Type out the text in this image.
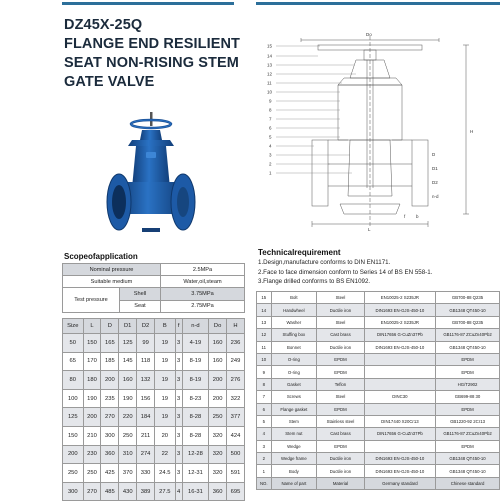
DZ45X-25Q
FLANGE END RESILIENT
SEAT NON-RISING STEM
GATE VALVE
15
14
13
12
11
10
9
8
7
6
5
4
3
2
1
Do
H
L
D
D1
D2
b
f
n-d
Scopeofapplication
Nominal pressure		2.5MPa
Suitable medium		Water,oil,steam
Test pressure	Shell	3.75MPa
	Seat	2.75MPa
Size	L	D	D1	D2	B	f	n-d	Do	H
50	150	165	125	99	19	3	4-19	160	236
65	170	185	145	118	19	3	8-19	160	249
80	180	200	160	132	19	3	8-19	200	276
100	190	235	190	156	19	3	8-23	200	322
125	200	270	220	184	19	3	8-28	250	377
150	210	300	250	211	20	3	8-28	320	424
200	230	360	310	274	22	3	12-28	320	500
250	250	425	370	330	24.5	3	12-31	320	591
300	270	485	430	389	27.5	4	16-31	360	695
Technicalrequirement
1.Design,manufacture conforms to DIN EN1171.
2.Face to face dimension conform to Series 14 of BS EN 558-1.
3.Flange drilled conforms to BS EN1092.
15	Bolt	Steel	EN10025-2 S235JR	GB700-88 Q235
14	Handwheel	Ductile iron	DIN1693 EN-GJS-450-10	GB1348 QT450-10
13	Washer	Steel	EN10025-2 S235JR	GB700-88 Q235
12	Stuffing box	Cast brass	DIN17656 G-CuZn37Pb	GB1176-87 ZCuZn40Pb2
11	Bonnet	Ductile iron	DIN1693 EN-GJS-450-10	GB1348 QT450-10
10	O-ring	EPDM		EPDM
9	O-ring	EPDM		EPDM
8	Gasket	Teflon		HG/T2902
7	Screws	Steel	DINC30	GB699-88 30
6	Flange gasket	EPDM		EPDM
5	Stem	Stainless steel	DIN17440 X20Cr13	GB1220-92 2Cr13
4	Stem nut	Cast brass	DIN17656 G-CuZn37Pb	GB1176-87 ZCuZn40Pb2
3	Wedge	EPDM		EPDM
2	Wedge frame	Ductile iron	DIN1693 EN-GJS-450-10	GB1348 QT450-10
1	Body	Ductile iron	DIN1693 EN-GJS-450-10	GB1348 QT450-10
NO.	Name of part	Material	Germany standard	Chinese standard
